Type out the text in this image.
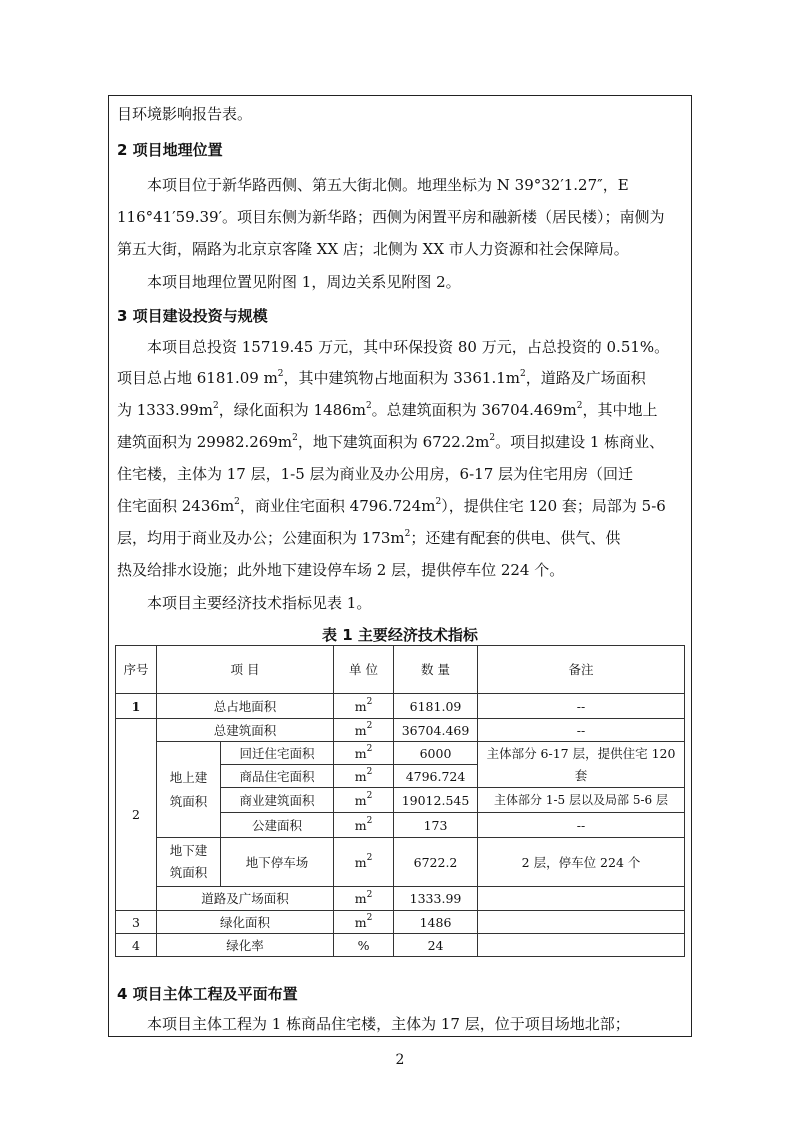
目环境影响报告表。
2 项目地理位置
本项目位于新华路西侧、第五大街北侧。地理坐标为 N 39°32′1.27″，E
116°41′59.39′。项目东侧为新华路；西侧为闲置平房和融新楼（居民楼）；南侧为
第五大街，隔路为北京京客隆 XX 店；北侧为 XX 市人力资源和社会保障局。
本项目地理位置见附图 1，周边关系见附图 2。
3 项目建设投资与规模
本项目总投资 15719.45 万元，其中环保投资 80 万元，占总投资的 0.51%。
项目总占地 6181.09 $m^2$，其中建筑物占地面积为 $3361.1m^2$，道路及广场面积
为 $1333.99m^2$，绿化面积为 $1486m^2$。总建筑面积为 $36704.469m^2$，其中地上
建筑面积为 $29982.269m^2$，地下建筑面积为 $6722.2m^2$。项目拟建设 1 栋商业、
住宅楼，主体为 17 层，1-5 层为商业及办公用房，6-17 层为住宅用房（回迁
住宅面积 $2436m^2$，商业住宅面积 $4796.724m^2$），提供住宅 120 套；局部为 5-6
层，均用于商业及办公；公建面积为 $173m^2$；还建有配套的供电、供气、供
热及给排水设施；此外地下建设停车场 2 层，提供停车位 224 个。
本项目主要经济技术指标见表 1。
表 1 主要经济技术指标
序号	项 目		单 位	数 量	备注
1	总占地面积		$m^2$	6181.09	--
2	总建筑面积		$m^2$	36704.469	--

	地上建筑面积	回迁住宅面积	$m^2$	6000	主体部分 6-17 层，提供住宅 120 套
		商品住宅面积	$m^2$	4796.724	
		商业建筑面积	$m^2$	19012.545	主体部分 1-5 层以及局部 5-6 层
		公建面积	$m^2$	173	--

	地下建筑面积	地下停车场	$m^2$	6722.2	2 层，停车位 224 个
	道路及广场面积		$m^2$	1333.99	
3	绿化面积		$m^2$	1486	
4	绿化率		%	24	
4 项目主体工程及平面布置
本项目主体工程为 1 栋商品住宅楼，主体为 17 层，位于项目场地北部；
2
